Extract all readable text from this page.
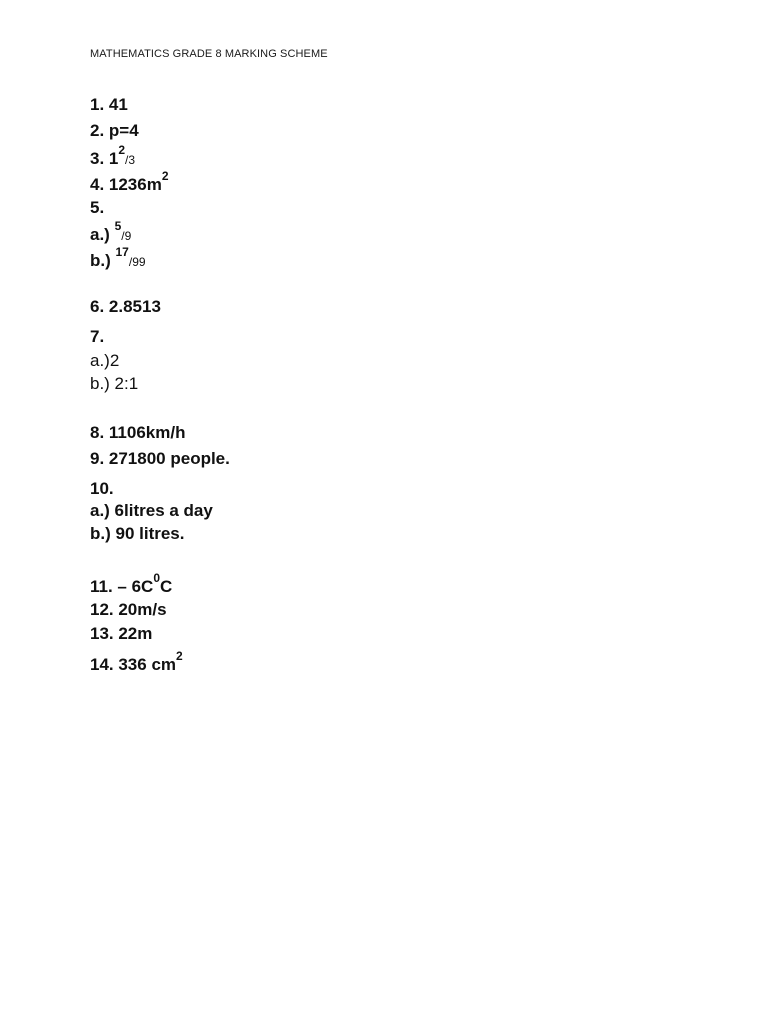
MATHEMATICS GRADE 8 MARKING SCHEME
1. 41
2. p=4
3. $1^2/3$
4. $1236m^2$
5.
a.) $^5$/9
b.) $^{17}$/99
6. 2.8513
7.
a.)2
b.) 2:1
8. 1106km/h
9. 271800 people.
10.
a.) 6litres a day
b.) 90 litres.
11. – $6C^0C$
12. 20m/s
13. 22m
14. 336 $cm^2$
